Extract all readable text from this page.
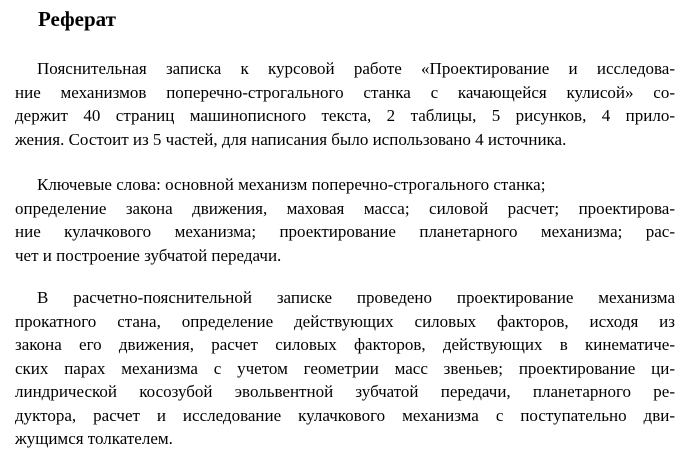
Реферат
Пояснительная записка к курсовой работе «Проектирование и исследова-
ние механизмов поперечно-строгального станка с качающейся кулисой» со-
держит 40 страниц машинописного текста, 2 таблицы, 5 рисунков, 4 прило-
жения. Состоит из 5 частей, для написания было использовано 4 источника.
Ключевые слова: основной механизм поперечно-строгального станка;
определение закона движения, маховая масса; силовой расчет; проектирова-
ние кулачкового механизма; проектирование планетарного механизма; рас-
чет и построение зубчатой передачи.
В расчетно-пояснительной записке проведено проектирование механизма
прокатного стана, определение действующих силовых факторов, исходя из
закона его движения, расчет силовых факторов, действующих в кинематиче-
ских парах механизма с учетом геометрии масс звеньев; проектирование ци-
линдрической косозубой эвольвентной зубчатой передачи, планетарного ре-
дуктора, расчет и исследование кулачкового механизма с поступательно дви-
жущимся толкателем.
